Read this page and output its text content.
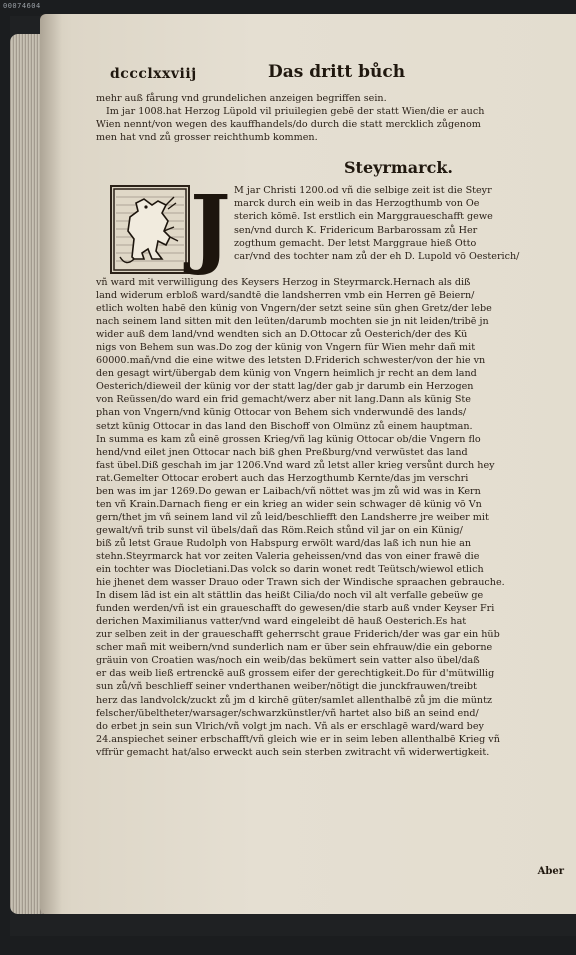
00074604
dccclxxviij	Das dritt bůch
mehr auß fårung vnd grundelichen anzeigen begriffen sein.
Im jar 1008.hat Herzog Lüpold vil priuilegien gebē der statt Wien/die er auch
Wien nennt/von wegen des kauffhandels/do durch die statt mercklich zůgenom
men hat vnd zů grosser reichthumb kommen.
Steyrmarck.
J M jar Christi 1200.od vñ die selbige zeit ist die Steyr
marck durch ein weib in das Herzogthumb von Oe
sterich kōmē. Ist erstlich ein Marggraueschafft gewe
sen/vnd durch K. Fridericum Barbarossam zů Her
zogthum gemacht. Der letst Marggraue hieß Otto
car/vnd des tochter nam zů der eh D. Lupold vō Oesterich/
vñ ward mit verwilligung des Keysers Herzog in Steyrmarck.Hernach als diß
land widerum erbloß ward/sandtē die landsherren vmb ein Herren gē Beiern/
etlich wolten habē den künig von Vngern/der setzt seine sün ghen Gretz/der lebe
nach seinem land sitten mit den leüten/darumb mochten sie jn nit leiden/tribē jn
wider auß dem land/vnd wendten sich an D.Ottocar zů Oesterich/der des Kü
nigs von Behem sun was.Do zog der künig von Vngern für Wien mehr dañ mit
60000.mañ/vnd die eine witwe des letsten D.Friderich schwester/von der hie vn
den gesagt wirt/übergab dem künig von Vngern heimlich jr recht an dem land
Oesterich/dieweil der künig vor der statt lag/der gab jr darumb ein Herzogen
von Reüssen/do ward ein frid gemacht/werz aber nit lang.Dann als künig Ste
phan von Vngern/vnd künig Ottocar von Behem sich vnderwundē des lands/
setzt künig Ottocar in das land den Bischoff von Olmünz zů einem hauptman.
In summa es kam zů einē grossen Krieg/vñ lag künig Ottocar ob/die Vngern flo
hend/vnd eilet jnen Ottocar nach biß ghen Preßburg/vnd verwüstet das land
fast übel.Diß geschah im jar 1206.Vnd ward zů letst aller krieg versůnt durch hey
rat.Gemelter Ottocar erobert auch das Herzogthumb Kernte/das jm verschri
ben was im jar 1269.Do gewan er Laibach/vñ nöttet was jm zů wid was in Kern
ten vñ Krain.Darnach fieng er ein krieg an wider sein schwager dē künig vō Vn
gern/thet jm vñ seinem land vil zů leid/beschliefft den Landsherre jre weiber mit
gewalt/vñ trib sunst vil übels/dañ das Röm.Reich stůnd vil jar on ein Künig/
biß zů letst Graue Rudolph von Habspurg erwölt ward/das laß ich nun hie an
stehn.Steyrmarck hat vor zeiten Valeria geheissen/vnd das von einer frawē die
ein tochter was Diocletiani.Das volck so darin wonet redt Teütsch/wiewol etlich
hie jhenet dem wasser Drauo oder Trawn sich der Windische spraachen gebrauche.
In disem lād ist ein alt stättlin das heißt Cilia/do noch vil alt verfalle gebeüw ge
funden werden/vñ ist ein graueschafft do gewesen/die starb auß vnder Keyser Fri
derichen Maximilianus vatter/vnd ward eingeleibt dē hauß Oesterich.Es hat
zur selben zeit in der graueschafft geherrscht graue Friderich/der was gar ein hüb
scher mañ mit weibern/vnd sunderlich nam er über sein ehfrauw/die ein geborne
gräuin von Croatien was/noch ein weib/das bekümert sein vatter also übel/daß
er das weib ließ ertrenckē auß grossem eifer der gerechtigkeit.Do für d'mütwillig
sun zů/vñ beschlieff seiner vnderthanen weiber/nötigt die junckfrauwen/treibt
herz das landvolck/zuckt zů jm d kirchē güter/samlet allenthalbē zů jm die müntz
felscher/übeltheter/warsager/schwarzkünstler/vñ hartet also biß an seind end/
do erbet jn sein sun Vlrich/vñ volgt jm nach. Vñ als er erschlagē ward/ward bey
24.anspiechet seiner erbschafft/vñ gleich wie er in seim leben allenthalbē Krieg vñ
vffrür gemacht hat/also erweckt auch sein sterben zwitracht vñ widerwertigkeit.
Aber
